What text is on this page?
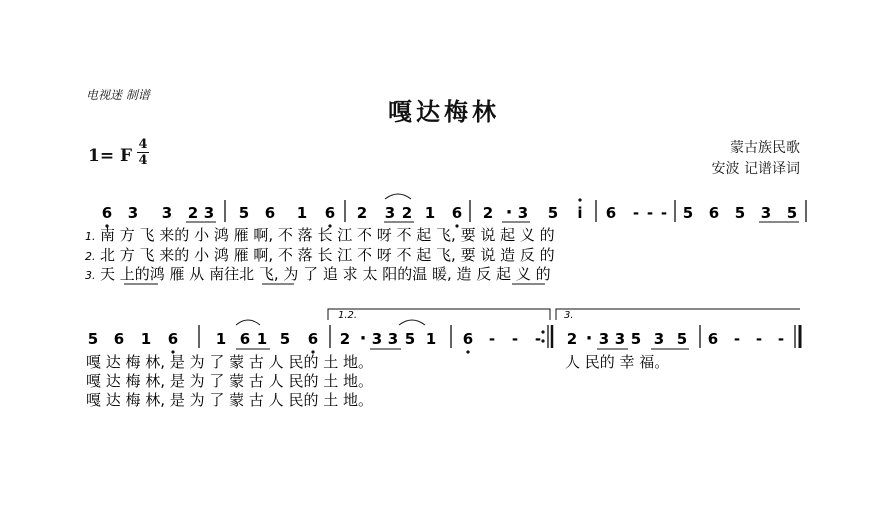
电视迷 制谱
嘎达梅林
1= F
4
4
蒙古族民歌
安波 记谱译词
6 3 3 2 3 5 6 1 6 2 3 2 1 6 2 · 3 5 i 6 - - - 5 6 5 3 5
1. 南 方 飞 来的 小 鸿 雁 啊, 不 落 长 江 不 呀 不 起 飞, 要 说 起 义 的
2. 北 方 飞 来的 小 鸿 雁 啊, 不 落 长 江 不 呀 不 起 飞, 要 说 造 反 的
3. 天 上的鸿 雁 从 南往北 飞, 为 了 追 求 太 阳的温 暖, 造 反 起 义 的
5 6 1 6	1 6 1 5 6 2 · 3 3 5 1 6 - - - 2 · 3 3 5 3 5 6 - - -
1.2.	3.
嘎 达 梅 林, 是 为 了 蒙 古 人 民的 土 地。
嘎 达 梅 林, 是 为 了 蒙 古 人 民的 土 地。
嘎 达 梅 林, 是 为 了 蒙 古 人 民的 土 地。
人 民的 幸 福。
